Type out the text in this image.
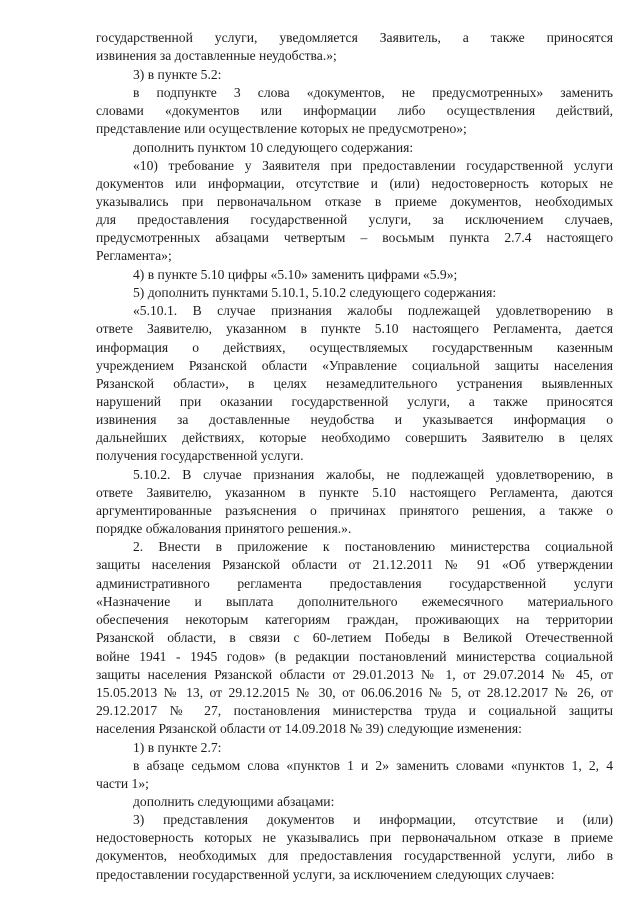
государственной услуги, уведомляется Заявитель, а также приносятся
извинения за доставленные неудобства.»;
3) в пункте 5.2:
в подпункте 3 слова «документов, не предусмотренных» заменить
словами «документов или информации либо осуществления действий,
представление или осуществление которых не предусмотрено»;
дополнить пунктом 10 следующего содержания:
«10) требование у Заявителя при предоставлении государственной услуги
документов или информации, отсутствие и (или) недостоверность которых не
указывались при первоначальном отказе в приеме документов, необходимых
для предоставления государственной услуги, за исключением случаев,
предусмотренных абзацами четвертым – восьмым пункта 2.7.4 настоящего
Регламента»;
4) в пункте 5.10 цифры «5.10» заменить цифрами «5.9»;
5) дополнить пунктами 5.10.1, 5.10.2 следующего содержания:
«5.10.1. В случае признания жалобы подлежащей удовлетворению в
ответе Заявителю, указанном в пункте 5.10 настоящего Регламента, дается
информация о действиях, осуществляемых государственным казенным
учреждением Рязанской области «Управление социальной защиты населения
Рязанской области», в целях незамедлительного устранения выявленных
нарушений при оказании государственной услуги, а также приносятся
извинения за доставленные неудобства и указывается информация о
дальнейших действиях, которые необходимо совершить Заявителю в целях
получения государственной услуги.
5.10.2. В случае признания жалобы, не подлежащей удовлетворению, в
ответе Заявителю, указанном в пункте 5.10 настоящего Регламента, даются
аргументированные разъяснения о причинах принятого решения, а также о
порядке обжалования принятого решения.».
2. Внести в приложение к постановлению министерства социальной
защиты населения Рязанской области от 21.12.2011 № 91 «Об утверждении
административного регламента предоставления государственной услуги
«Назначение и выплата дополнительного ежемесячного материального
обеспечения некоторым категориям граждан, проживающих на территории
Рязанской области, в связи с 60-летием Победы в Великой Отечественной
войне 1941 - 1945 годов» (в редакции постановлений министерства социальной
защиты населения Рязанской области от 29.01.2013 № 1, от 29.07.2014 № 45, от
15.05.2013 № 13, от 29.12.2015 № 30, от 06.06.2016 № 5, от 28.12.2017 № 26, от
29.12.2017 № 27, постановления министерства труда и социальной защиты
населения Рязанской области от 14.09.2018 № 39) следующие изменения:
1) в пункте 2.7:
в абзаце седьмом слова «пунктов 1 и 2» заменить словами «пунктов 1, 2, 4
части 1»;
дополнить следующими абзацами:
3) представления документов и информации, отсутствие и (или)
недостоверность которых не указывались при первоначальном отказе в приеме
документов, необходимых для предоставления государственной услуги, либо в
предоставлении государственной услуги, за исключением следующих случаев:
